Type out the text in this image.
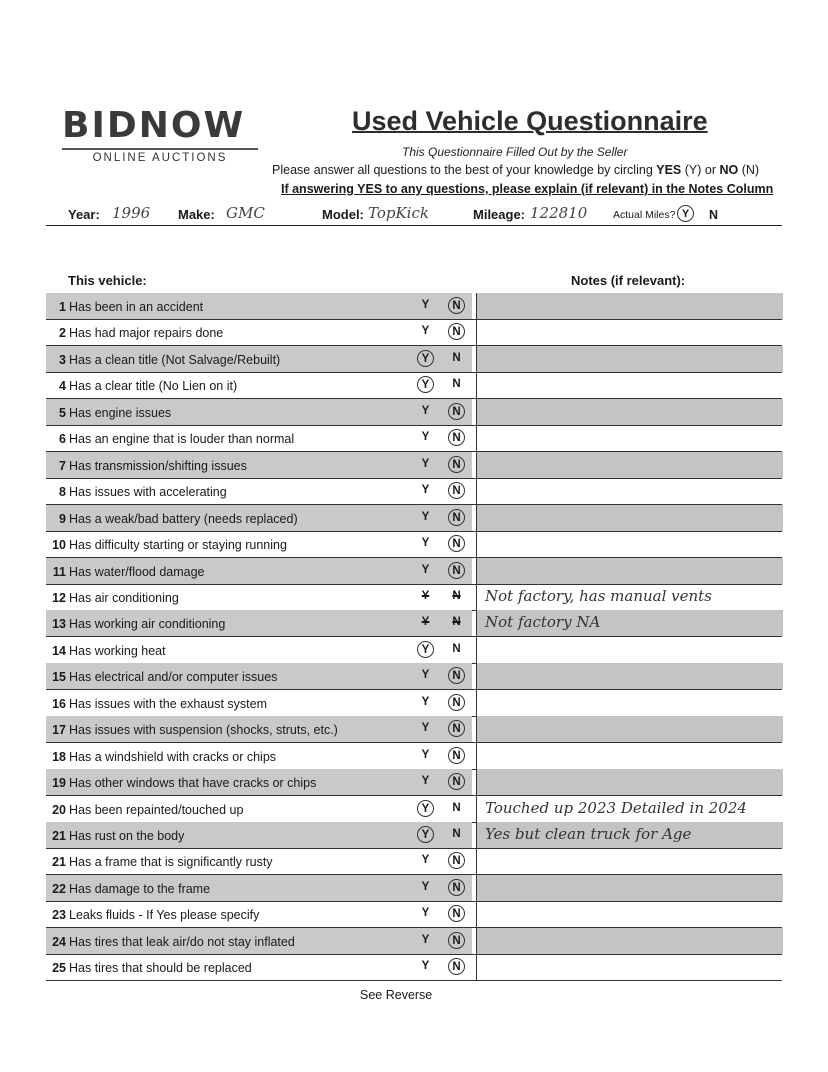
BIDNOW
ONLINE AUCTIONS
Used Vehicle Questionnaire
This Questionnaire Filled Out by the Seller
Please answer all questions to the best of your knowledge by circling YES (Y) or NO (N)
If answering YES to any questions, please explain (if relevant) in the Notes Column
Year: 1996 Make: GMC	Model: TopKick	Mileage: 122810 Actual Miles? Y	N
This vehicle:	Notes (if relevant):
1 Has been in an accident	Y	N
2 Has had major repairs done	Y	N
3 Has a clean title (Not Salvage/Rebuilt)	Y	N
4 Has a clear title (No Lien on it)	Y	N
5 Has engine issues	Y	N
6 Has an engine that is louder than normal	Y	N
7 Has transmission/shifting issues	Y	N
8 Has issues with accelerating	Y	N
9 Has a weak/bad battery (needs replaced)	Y	N
10 Has difficulty starting or staying running	Y	N
11 Has water/flood damage	Y	N
12 Has air conditioning	Y	N Not factory, has manual vents
13 Has working air conditioning	Y	N Not factory NA
14 Has working heat	Y	N
15 Has electrical and/or computer issues	Y	N
16 Has issues with the exhaust system	Y	N
17 Has issues with suspension (shocks, struts, etc.)	Y	N
18 Has a windshield with cracks or chips	Y	N
19 Has other windows that have cracks or chips	Y	N
20 Has been repainted/touched up	Y	N Touched up 2023 Detailed in 2024
21 Has rust on the body	Y	N Yes but clean truck for Age
21 Has a frame that is significantly rusty	Y	N
22 Has damage to the frame	Y	N
23 Leaks fluids - If Yes please specify	Y	N
24 Has tires that leak air/do not stay inflated	Y	N
25 Has tires that should be replaced	Y	N
See Reverse
